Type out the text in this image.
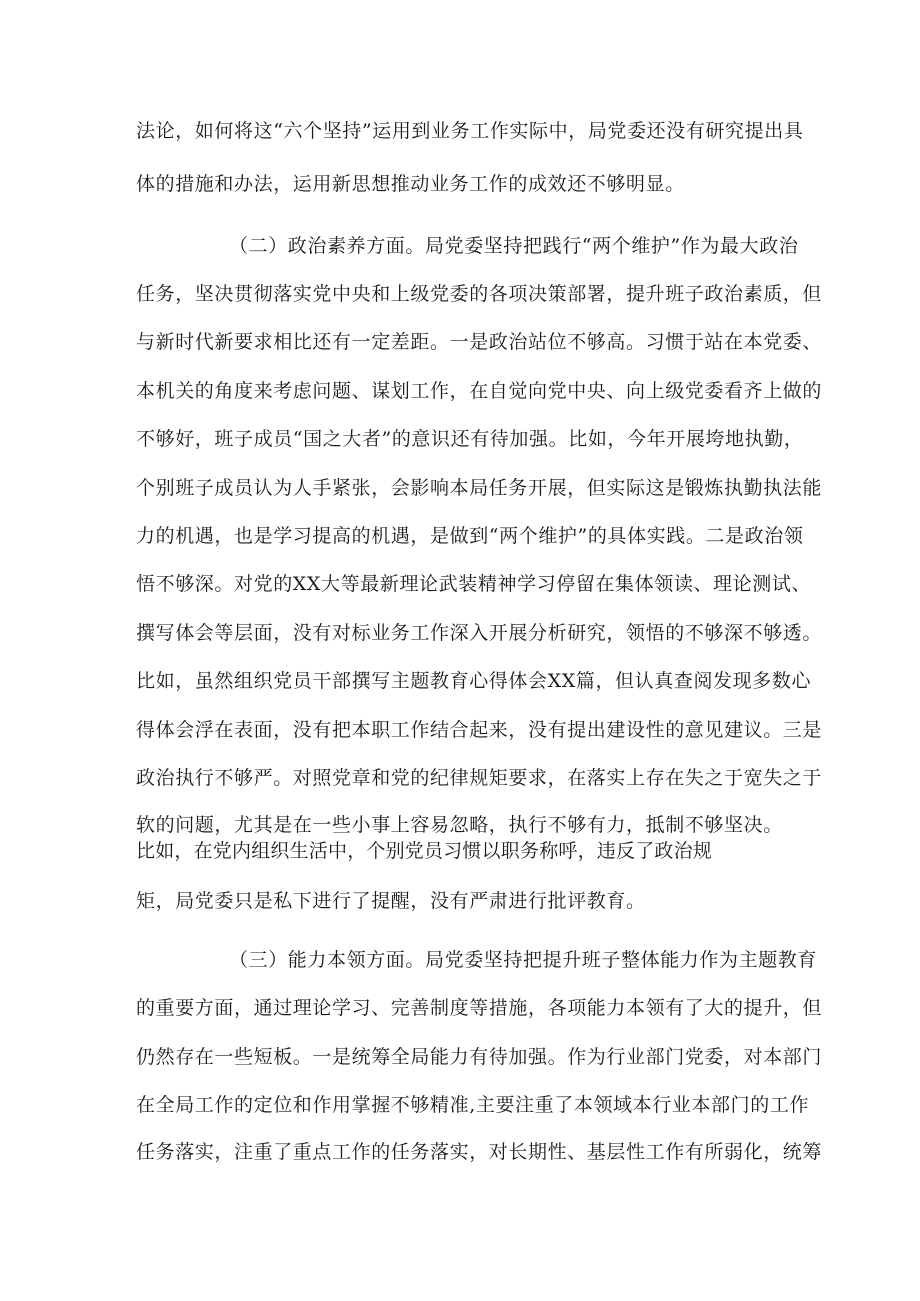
法论，如何将这“六个坚持”运用到业务工作实际中，局党委还没有研究提出具
体的措施和办法，运用新思想推动业务工作的成效还不够明显。
（二）政治素养方面。局党委坚持把践行“两个维护”作为最大政治
任务，坚决贯彻落实党中央和上级党委的各项决策部署，提升班子政治素质，但
与新时代新要求相比还有一定差距。一是政治站位不够高。习惯于站在本党委、
本机关的角度来考虑问题、谋划工作，在自觉向党中央、向上级党委看齐上做的
不够好，班子成员“国之大者”的意识还有待加强。比如，今年开展垮地执勤，
个别班子成员认为人手紧张，会影响本局任务开展，但实际这是锻炼执勤执法能
力的机遇，也是学习提高的机遇，是做到“两个维护”的具体实践。二是政治领
悟不够深。对党的XX大等最新理论武装精神学习停留在集体领读、理论测试、
撰写体会等层面，没有对标业务工作深入开展分析研究，领悟的不够深不够透。
比如，虽然组织党员干部撰写主题教育心得体会XX篇，但认真查阅发现多数心
得体会浮在表面，没有把本职工作结合起来，没有提出建设性的意见建议。三是
政治执行不够严。对照党章和党的纪律规矩要求，在落实上存在失之于宽失之于
软的问题，尤其是在一些小事上容易忽略，执行不够有力，抵制不够坚决。
比如，在党内组织生活中，个别党员习惯以职务称呼，违反了政治规
矩，局党委只是私下进行了提醒，没有严肃进行批评教育。
（三）能力本领方面。局党委坚持把提升班子整体能力作为主题教育
的重要方面，通过理论学习、完善制度等措施，各项能力本领有了大的提升，但
仍然存在一些短板。一是统筹全局能力有待加强。作为行业部门党委，对本部门
在全局工作的定位和作用掌握不够精准,主要注重了本领域本行业本部门的工作
任务落实，注重了重点工作的任务落实，对长期性、基层性工作有所弱化，统筹
